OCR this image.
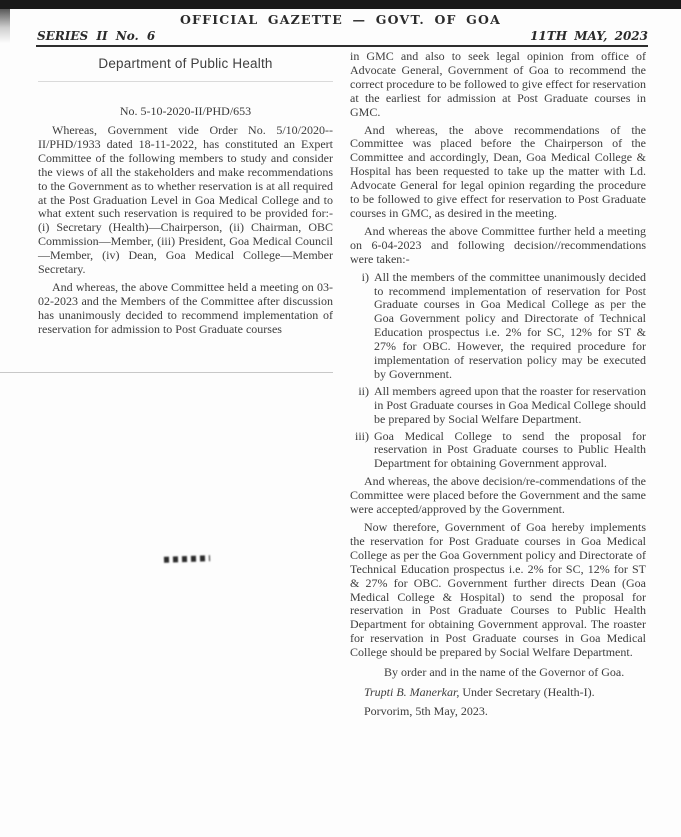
OFFICIAL GAZETTE — GOVT. OF GOA
SERIES II No. 6	11TH MAY, 2023
Department of Public Health
No. 5-10-2020-II/PHD/653

Whereas, Government vide Order No. 5/10/2020--II/PHD/1933 dated 18-11-2022, has constituted an Expert Committee of the following members to study and consider the views of all the stakeholders and make recommendations to the Government as to whether reservation is at all required at the Post Graduation Level in Goa Medical College and to what extent such reservation is required to be provided for:- (i) Secretary (Health)—Chairperson, (ii) Chairman, OBC Commission—Member, (iii) President, Goa Medical Council—Member, (iv) Dean, Goa Medical College—Member Secretary.

And whereas, the above Committee held a meeting on 03-02-2023 and the Members of the Committee after discussion has unanimously decided to recommend implementation of reservation for admission to Post Graduate courses

in GMC and also to seek legal opinion from office of Advocate General, Government of Goa to recommend the correct procedure to be followed to give effect for reservation at the earliest for admission at Post Graduate courses in GMC.

And whereas, the above recommendations of the Committee was placed before the Chairperson of the Committee and accordingly, Dean, Goa Medical College & Hospital has been requested to take up the matter with Ld. Advocate General for legal opinion regarding the procedure to be followed to give effect for reservation to Post Graduate courses in GMC, as desired in the meeting.

And whereas the above Committee further held a meeting on 6-04-2023 and following decision//recommendations were taken:-

i) All the members of the committee unanimously decided to recommend implementation of reservation for Post Graduate courses in Goa Medical College as per the Goa Government policy and Directorate of Technical Education prospectus i.e. 2% for SC, 12% for ST & 27% for OBC. However, the required procedure for implementation of reservation policy may be executed by Government.
ii) All members agreed upon that the roaster for reservation in Post Graduate courses in Goa Medical College should be prepared by Social Welfare Department.
iii) Goa Medical College to send the proposal for reservation in Post Graduate courses to Public Health Department for obtaining Government approval.

And whereas, the above decision/re-commendations of the Committee were placed before the Government and the same were accepted/approved by the Government.

Now therefore, Government of Goa hereby implements the reservation for Post Graduate courses in Goa Medical College as per the Goa Government policy and Directorate of Technical Education prospectus i.e. 2% for SC, 12% for ST & 27% for OBC. Government further directs Dean (Goa Medical College & Hospital) to send the proposal for reservation in Post Graduate Courses to Public Health Department for obtaining Government approval. The roaster for reservation in Post Graduate courses in Goa Medical College should be prepared by Social Welfare Department.

By order and in the name of the Governor of Goa.
Trupti B. Manerkar, Under Secretary (Health-I).
Porvorim, 5th May, 2023.
